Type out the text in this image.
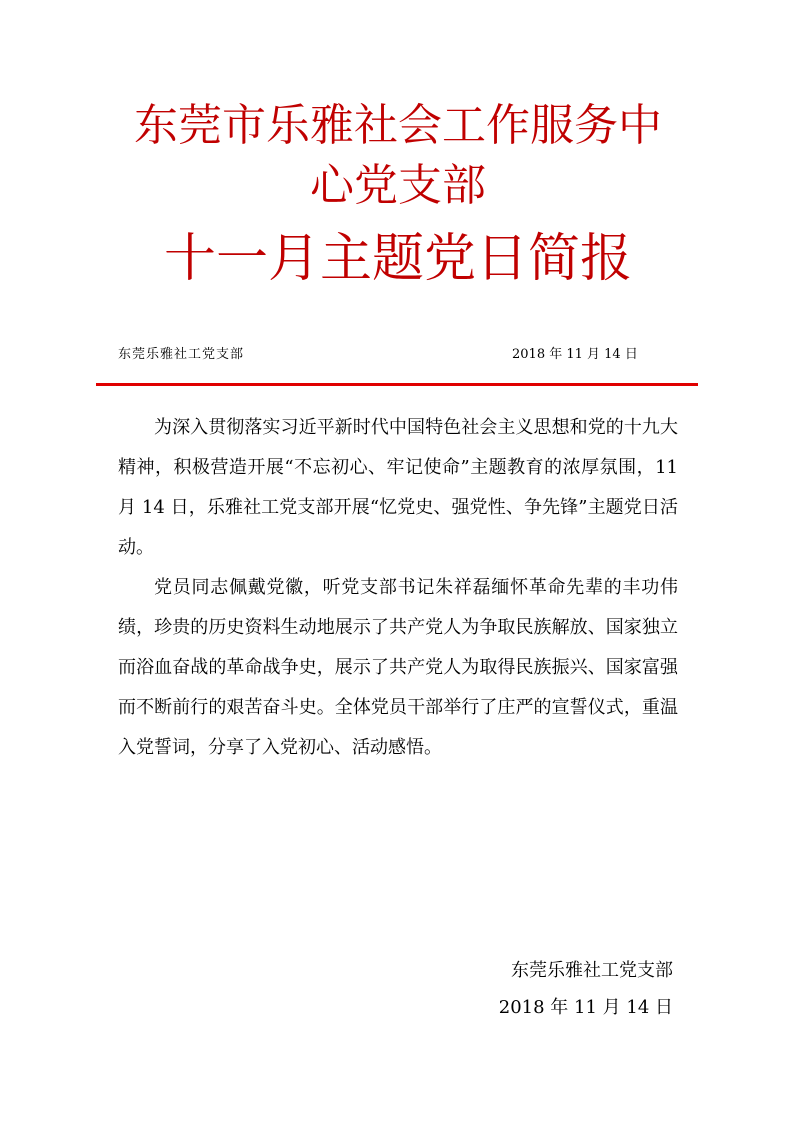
东莞市乐雅社会工作服务中
心党支部
十一月主题党日简报
东莞乐雅社工党支部	2018 年 11 月 14 日

为深入贯彻落实习近平新时代中国特色社会主义思想和党的十九大精神，积极营造开展“不忘初心、牢记使命”主题教育的浓厚氛围，11 月 14 日，乐雅社工党支部开展“忆党史、强党性、争先锋”主题党日活动。

党员同志佩戴党徽，听党支部书记朱祥磊缅怀革命先辈的丰功伟绩，珍贵的历史资料生动地展示了共产党人为争取民族解放、国家独立而浴血奋战的革命战争史，展示了共产党人为取得民族振兴、国家富强而不断前行的艰苦奋斗史。全体党员干部举行了庄严的宣誓仪式，重温入党誓词，分享了入党初心、活动感悟。

东莞乐雅社工党支部
2018 年 11 月 14 日
